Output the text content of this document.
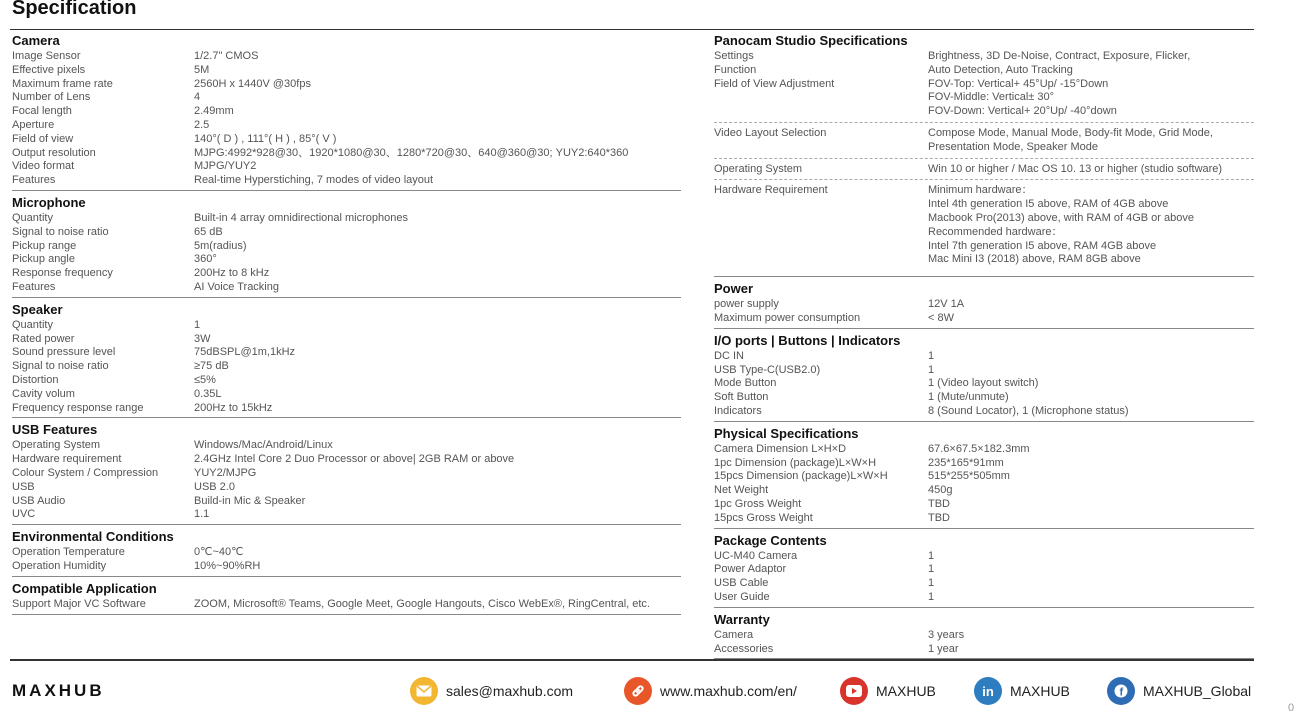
Specification
Camera
Image Sensor	1/2.7" CMOS
Effective pixels	5M
Maximum frame rate	2560H x 1440V @30fps
Number of Lens	4
Focal length	2.49mm
Aperture	2.5
Field of view	140°( D ) , 111°( H ) , 85°( V )
Output resolution	MJPG:4992*928@30、1920*1080@30、1280*720@30、640@360@30; YUY2:640*360
Video format	MJPG/YUY2
Features	Real-time Hyperstiching, 7 modes of video layout
Microphone
Quantity	Built-in 4 array omnidirectional microphones
Signal to noise ratio	65 dB
Pickup range	5m(radius)
Pickup angle	360°
Response frequency	200Hz to 8 kHz
Features	AI Voice Tracking
Speaker
Quantity	1
Rated power	3W
Sound pressure level	75dBSPL@1m,1kHz
Signal to noise ratio	≥75 dB
Distortion	≤5%
Cavity volum	0.35L
Frequency response range	200Hz to 15kHz
USB Features
Operating System	Windows/Mac/Android/Linux
Hardware requirement	2.4GHz Intel Core 2 Duo Processor or above| 2GB RAM or above
Colour System / Compression	YUY2/MJPG
USB	USB 2.0
USB Audio	Build-in Mic & Speaker
UVC	1.1
Environmental Conditions
Operation Temperature	0℃~40℃
Operation Humidity	10%~90%RH
Compatible Application
Support Major VC Software	ZOOM, Microsoft® Teams, Google Meet, Google Hangouts, Cisco WebEx®, RingCentral, etc.
Panocam Studio Specifications
Settings	Brightness, 3D De-Noise, Contract, Exposure, Flicker,
Function	Auto Detection, Auto Tracking
Field of View Adjustment	FOV-Top: Vertical+ 45°Up/ -15°Down
FOV-Middle: Vertical± 30°
FOV-Down: Vertical+ 20°Up/ -40°down
Video Layout Selection	Compose Mode, Manual Mode, Body-fit Mode, Grid Mode,
Presentation Mode, Speaker Mode
Operating System	Win 10 or higher / Mac OS 10. 13 or higher (studio software)
Hardware Requirement	Minimum hardware：
Intel 4th generation I5 above, RAM of 4GB above
Macbook Pro(2013) above, with RAM of 4GB or above
Recommended hardware：
Intel 7th generation I5 above, RAM 4GB above
Mac Mini I3 (2018) above, RAM 8GB above
Power
power supply	12V 1A
Maximum power consumption	< 8W
I/O ports | Buttons | Indicators
DC IN	1
USB Type-C(USB2.0)	1
Mode Button	1 (Video layout switch)
Soft Button	1 (Mute/unmute)
Indicators	8 (Sound Locator), 1 (Microphone status)
Physical Specifications
Camera Dimension L×H×D	67.6×67.5×182.3mm
1pc Dimension (package)L×W×H	235*165*91mm
15pcs Dimension (package)L×W×H	515*255*505mm
Net Weight	450g
1pc Gross Weight	TBD
15pcs Gross Weight	TBD
Package Contents
UC-M40 Camera	1
Power Adaptor	1
USB Cable	1
User Guide	1
Warranty
Camera	3 years
Accessories	1 year
MAXHUB	sales@maxhub.com	www.maxhub.com/en/	MAXHUB	in	MAXHUB	f MAXHUB_Global
0
